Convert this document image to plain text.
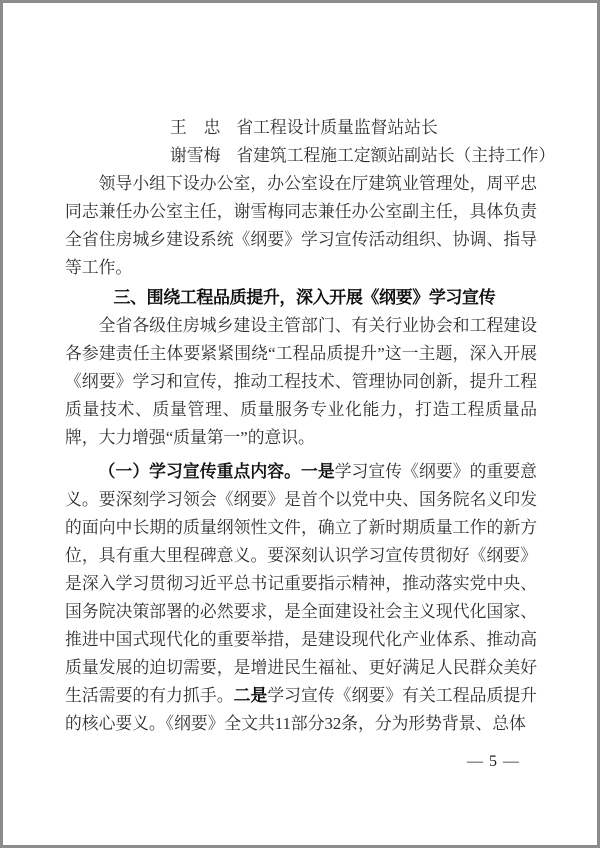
王　忠 省工程设计质量监督站站长
谢雪梅 省建筑工程施工定额站副站长（主持工作）

领导小组下设办公室，办公室设在厅建筑业管理处，周平忠同志兼任办公室主任，谢雪梅同志兼任办公室副主任，具体负责全省住房城乡建设系统《纲要》学习宣传活动组织、协调、指导等工作。

三、围绕工程品质提升，深入开展《纲要》学习宣传

全省各级住房城乡建设主管部门、有关行业协会和工程建设各参建责任主体要紧紧围绕“工程品质提升”这一主题，深入开展《纲要》学习和宣传，推动工程技术、管理协同创新，提升工程质量技术、质量管理、质量服务专业化能力，打造工程质量品牌，大力增强“质量第一”的意识。

（一）学习宣传重点内容。一是学习宣传《纲要》的重要意义。要深刻学习领会《纲要》是首个以党中央、国务院名义印发的面向中长期的质量纲领性文件，确立了新时期质量工作的新方位，具有重大里程碑意义。要深刻认识学习宣传贯彻好《纲要》是深入学习贯彻习近平总书记重要指示精神，推动落实党中央、国务院决策部署的必然要求，是全面建设社会主义现代化国家、推进中国式现代化的重要举措，是建设现代化产业体系、推动高质量发展的迫切需要，是增进民生福祉、更好满足人民群众美好生活需要的有力抓手。二是学习宣传《纲要》有关工程品质提升的核心要义。《纲要》全文共11部分32条，分为形势背景、总体

— 5 —
